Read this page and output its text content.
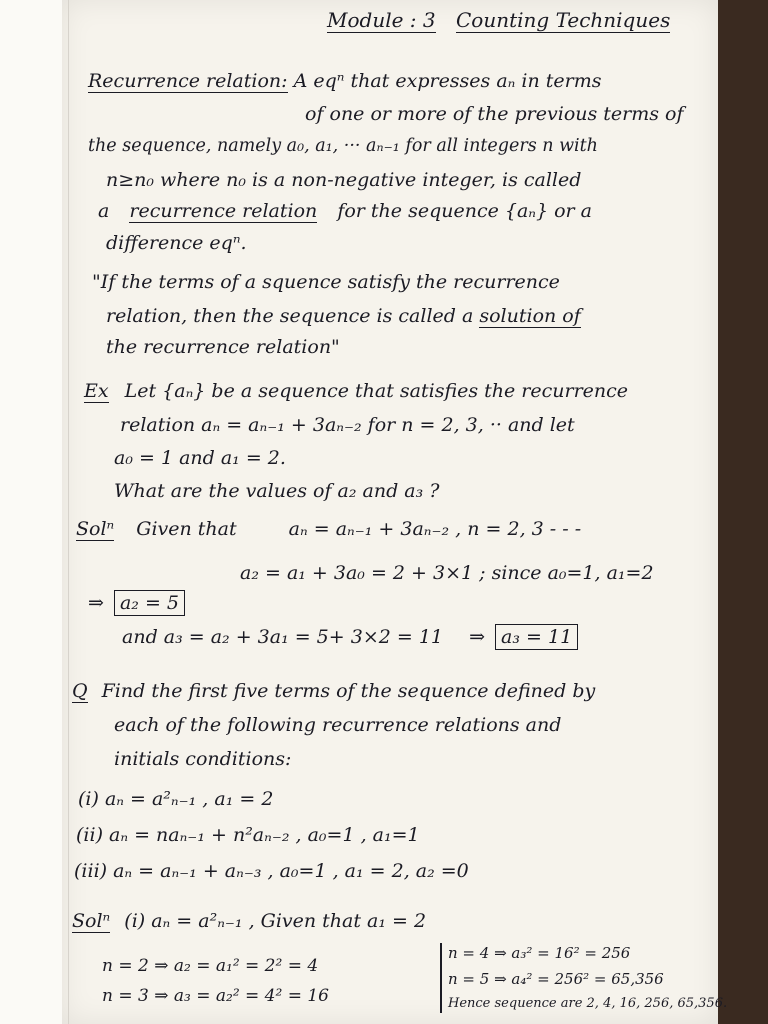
Module : 3 Counting Techniques
Recurrence relation: A eqⁿ that expresses aₙ in terms
of one or more of the previous terms of
the sequence, namely a₀, a₁, ··· aₙ₋₁ for all integers n with
n≥n₀ where n₀ is a non-negative integer, is called
a recurrence relation for the sequence {aₙ} or a
difference eqⁿ.
"If the terms of a squence satisfy the recurrence
relation, then the sequence is called a solution of
the recurrence relation"
Ex Let {aₙ} be a sequence that satisfies the recurrence
relation aₙ = aₙ₋₁ + 3aₙ₋₂ for n = 2, 3, ·· and let
a₀ = 1 and a₁ = 2.
What are the values of a₂ and a₃ ?
Solⁿ Given that	aₙ = aₙ₋₁ + 3aₙ₋₂ , n = 2, 3 - - -
a₂ = a₁ + 3a₀ = 2 + 3×1 ; since a₀=1, a₁=2
⇒ a₂ = 5
and a₃ = a₂ + 3a₁ = 5+ 3×2 = 11 ⇒ a₃ = 11
Q Find the first five terms of the sequence defined by
each of the following recurrence relations and
initials conditions:
(i) aₙ = a²ₙ₋₁ , a₁ = 2
(ii) aₙ = naₙ₋₁ + n²aₙ₋₂ , a₀=1 , a₁=1
(iii) aₙ = aₙ₋₁ + aₙ₋₃ , a₀=1 , a₁ = 2, a₂ =0
Solⁿ (i) aₙ = a²ₙ₋₁ , Given that a₁ = 2
n = 2 ⇒ a₂ = a₁² = 2² = 4
n = 3 ⇒ a₃ = a₂² = 4² = 16
n = 4 ⇒ a₃² = 16² = 256
n = 5 ⇒ a₄² = 256² = 65,356
Hence sequence are 2, 4, 16, 256, 65,356.
